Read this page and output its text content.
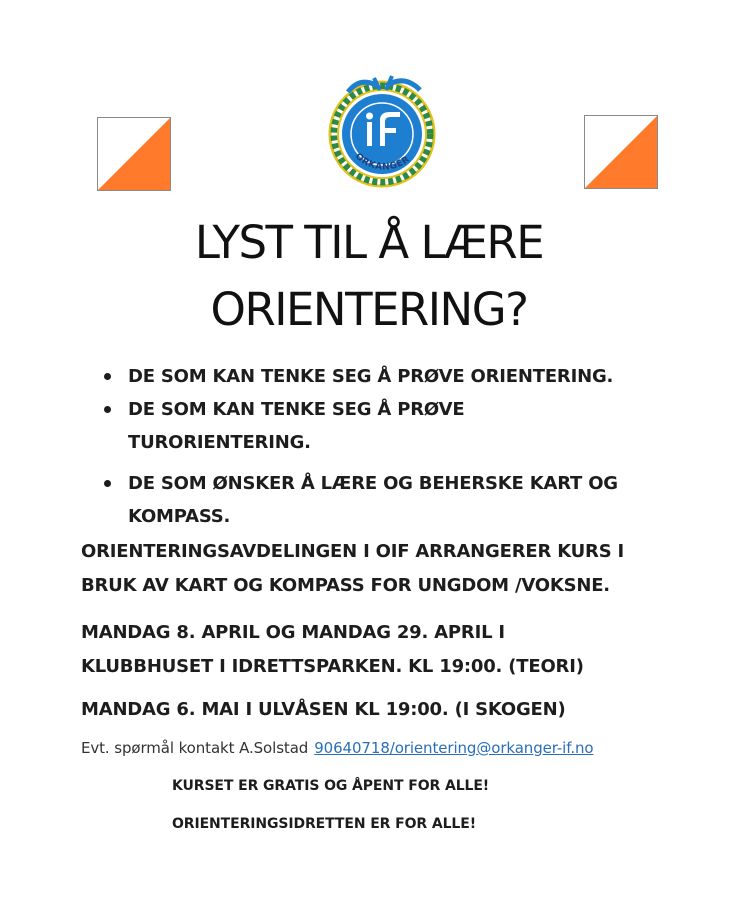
ORKANGER
LYST TIL Å LÆRE
ORIENTERING?
DE SOM KAN TENKE SEG Å PRØVE ORIENTERING.
DE SOM KAN TENKE SEG Å PRØVE
TURORIENTERING.
DE SOM ØNSKER Å LÆRE OG BEHERSKE KART OG
KOMPASS.
ORIENTERINGSAVDELINGEN I OIF ARRANGERER KURS I
BRUK AV KART OG KOMPASS FOR UNGDOM /VOKSNE.
MANDAG 8. APRIL OG MANDAG 29. APRIL I
KLUBBHUSET I IDRETTSPARKEN. KL 19:00. (TEORI)
MANDAG 6. MAI I ULVÅSEN KL 19:00. (I SKOGEN)
Evt. spørmål kontakt A.Solstad 90640718/orientering@orkanger-if.no
KURSET ER GRATIS OG ÅPENT FOR ALLE!
ORIENTERINGSIDRETTEN ER FOR ALLE!
